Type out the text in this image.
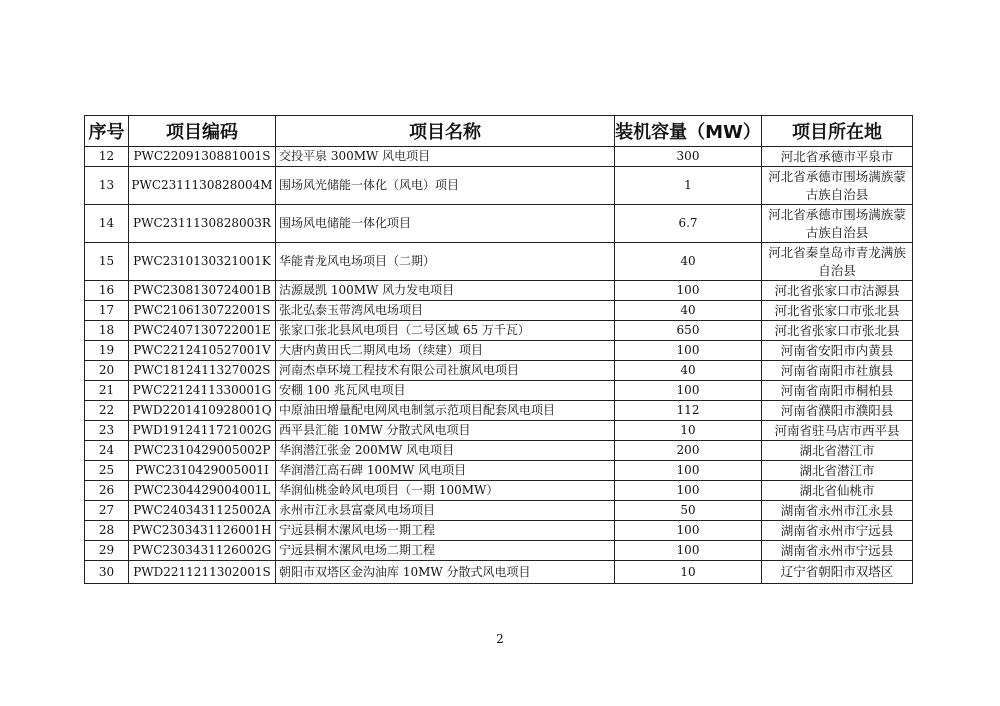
序号	项目编码	项目名称	装机容量（MW）	项目所在地
12	PWC2209130881001S	交投平泉 300MW 风电项目	300	河北省承德市平泉市
13	PWC2311130828004M	围场风光储能一体化（风电）项目	1	河北省承德市围场满族蒙古族自治县
14	PWC2311130828003R	围场风电储能一体化项目	6.7	河北省承德市围场满族蒙古族自治县
15	PWC2310130321001K	华能青龙风电场项目（二期）	40	河北省秦皇岛市青龙满族自治县
16	PWC2308130724001B	沽源晟凯 100MW 风力发电项目	100	河北省张家口市沽源县
17	PWC2106130722001S	张北弘泰玉带湾风电场项目	40	河北省张家口市张北县
18	PWC2407130722001E	张家口张北县风电项目（二号区域 65 万千瓦）	650	河北省张家口市张北县
19	PWC2212410527001V	大唐内黄田氏二期风电场（续建）项目	100	河南省安阳市内黄县
20	PWC1812411327002S	河南杰卓环境工程技术有限公司社旗风电项目	40	河南省南阳市社旗县
21	PWC2212411330001G	安棚 100 兆瓦风电项目	100	河南省南阳市桐柏县
22	PWD2201410928001Q	中原油田增量配电网风电制氢示范项目配套风电项目	112	河南省濮阳市濮阳县
23	PWD1912411721002G	西平县汇能 10MW 分散式风电项目	10	河南省驻马店市西平县
24	PWC2310429005002P	华润潜江张金 200MW 风电项目	200	湖北省潜江市
25	PWC2310429005001I	华润潜江高石碑 100MW 风电项目	100	湖北省潜江市
26	PWC2304429004001L	华润仙桃金岭风电项目（一期 100MW）	100	湖北省仙桃市
27	PWC2403431125002A	永州市江永县富豪风电场项目	50	湖南省永州市江永县
28	PWC2303431126001H	宁远县桐木漯风电场一期工程	100	湖南省永州市宁远县
29	PWC2303431126002G	宁远县桐木漯风电场二期工程	100	湖南省永州市宁远县
30	PWD2211211302001S	朝阳市双塔区金沟油库 10MW 分散式风电项目	10	辽宁省朝阳市双塔区
2
